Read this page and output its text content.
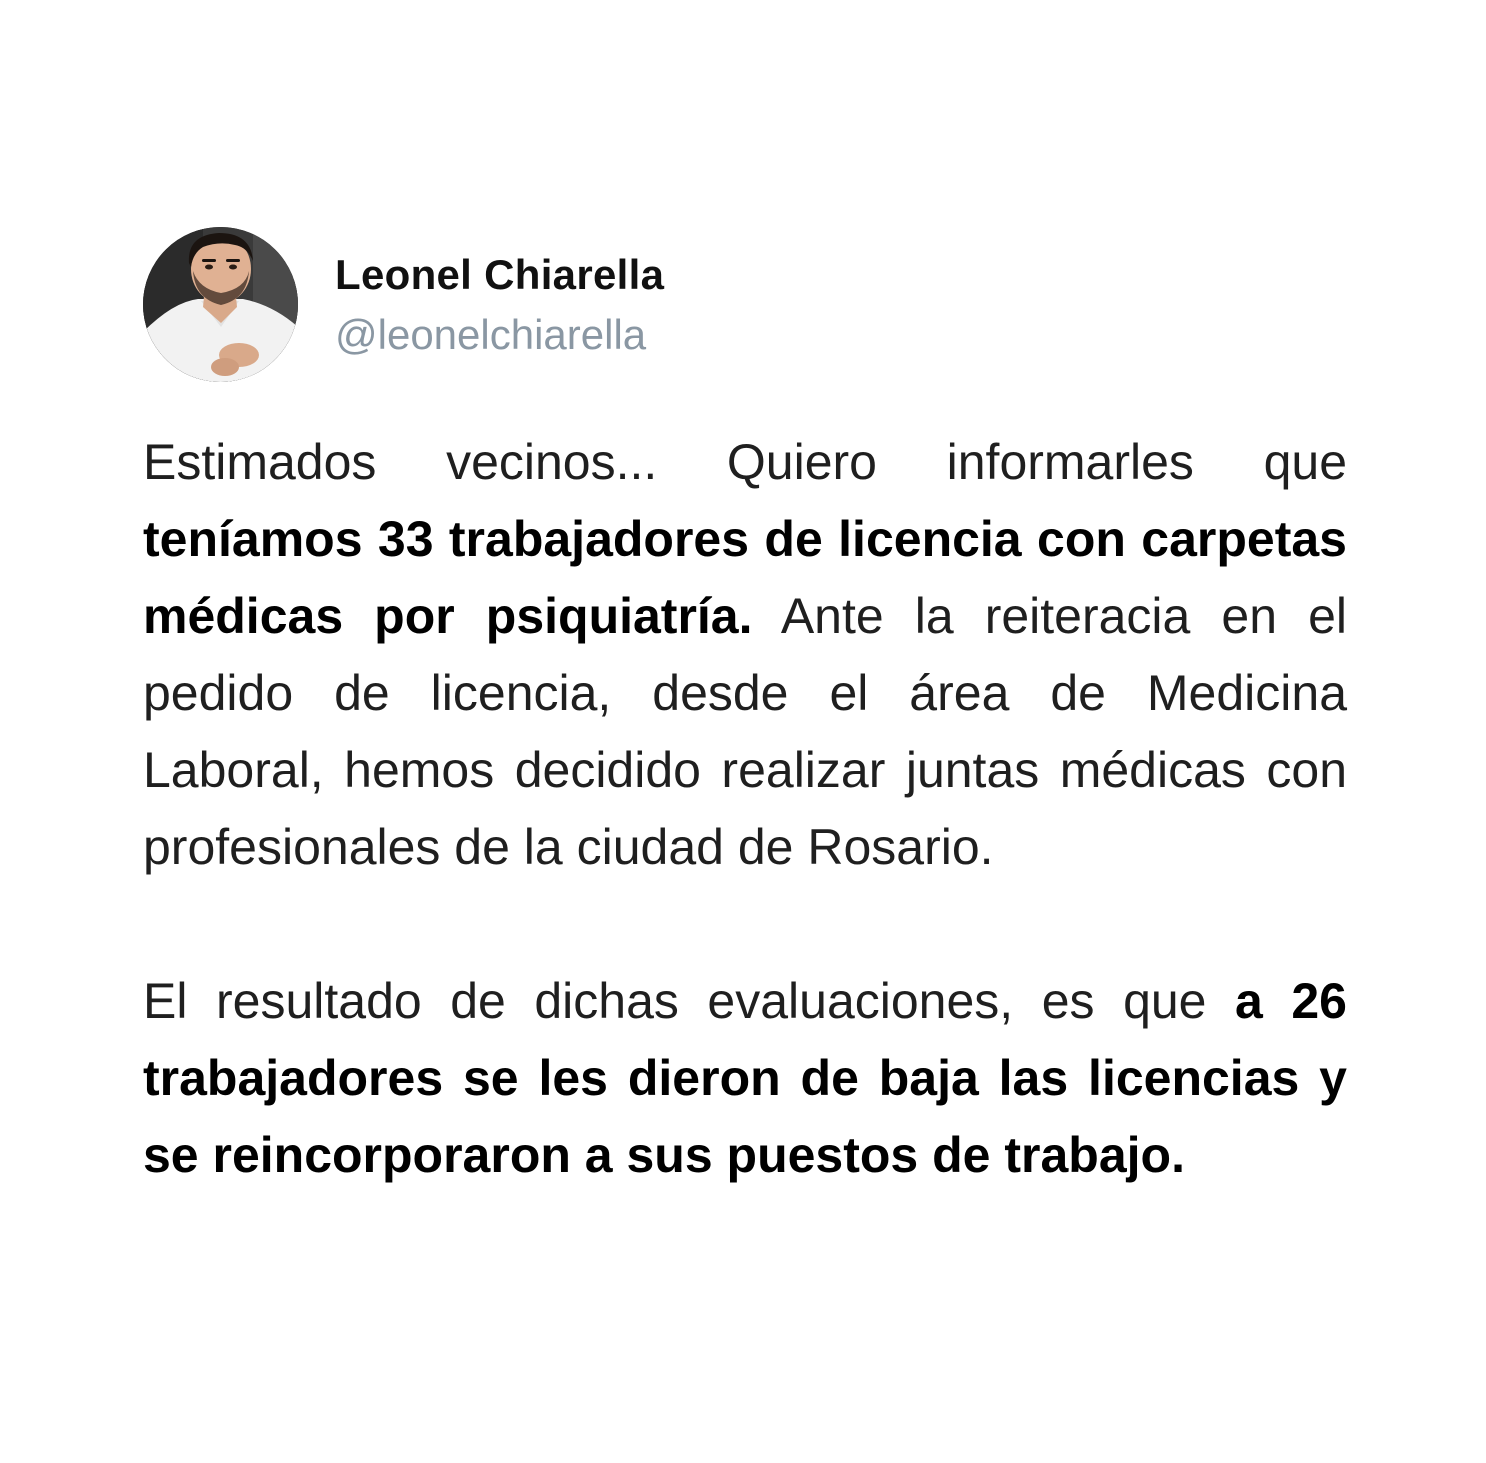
Leonel Chiarella
@leonelchiarella

Estimados vecinos... Quiero informarles que teníamos 33 trabajadores de licencia con carpetas médicas por psiquiatría. Ante la reiteracia en el pedido de licencia, desde el área de Medicina Laboral, hemos decidido realizar juntas médicas con profesionales de la ciudad de Rosario.

El resultado de dichas evaluaciones, es que a 26 trabajadores se les dieron de baja las licencias y se reincorporaron a sus puestos de trabajo.
